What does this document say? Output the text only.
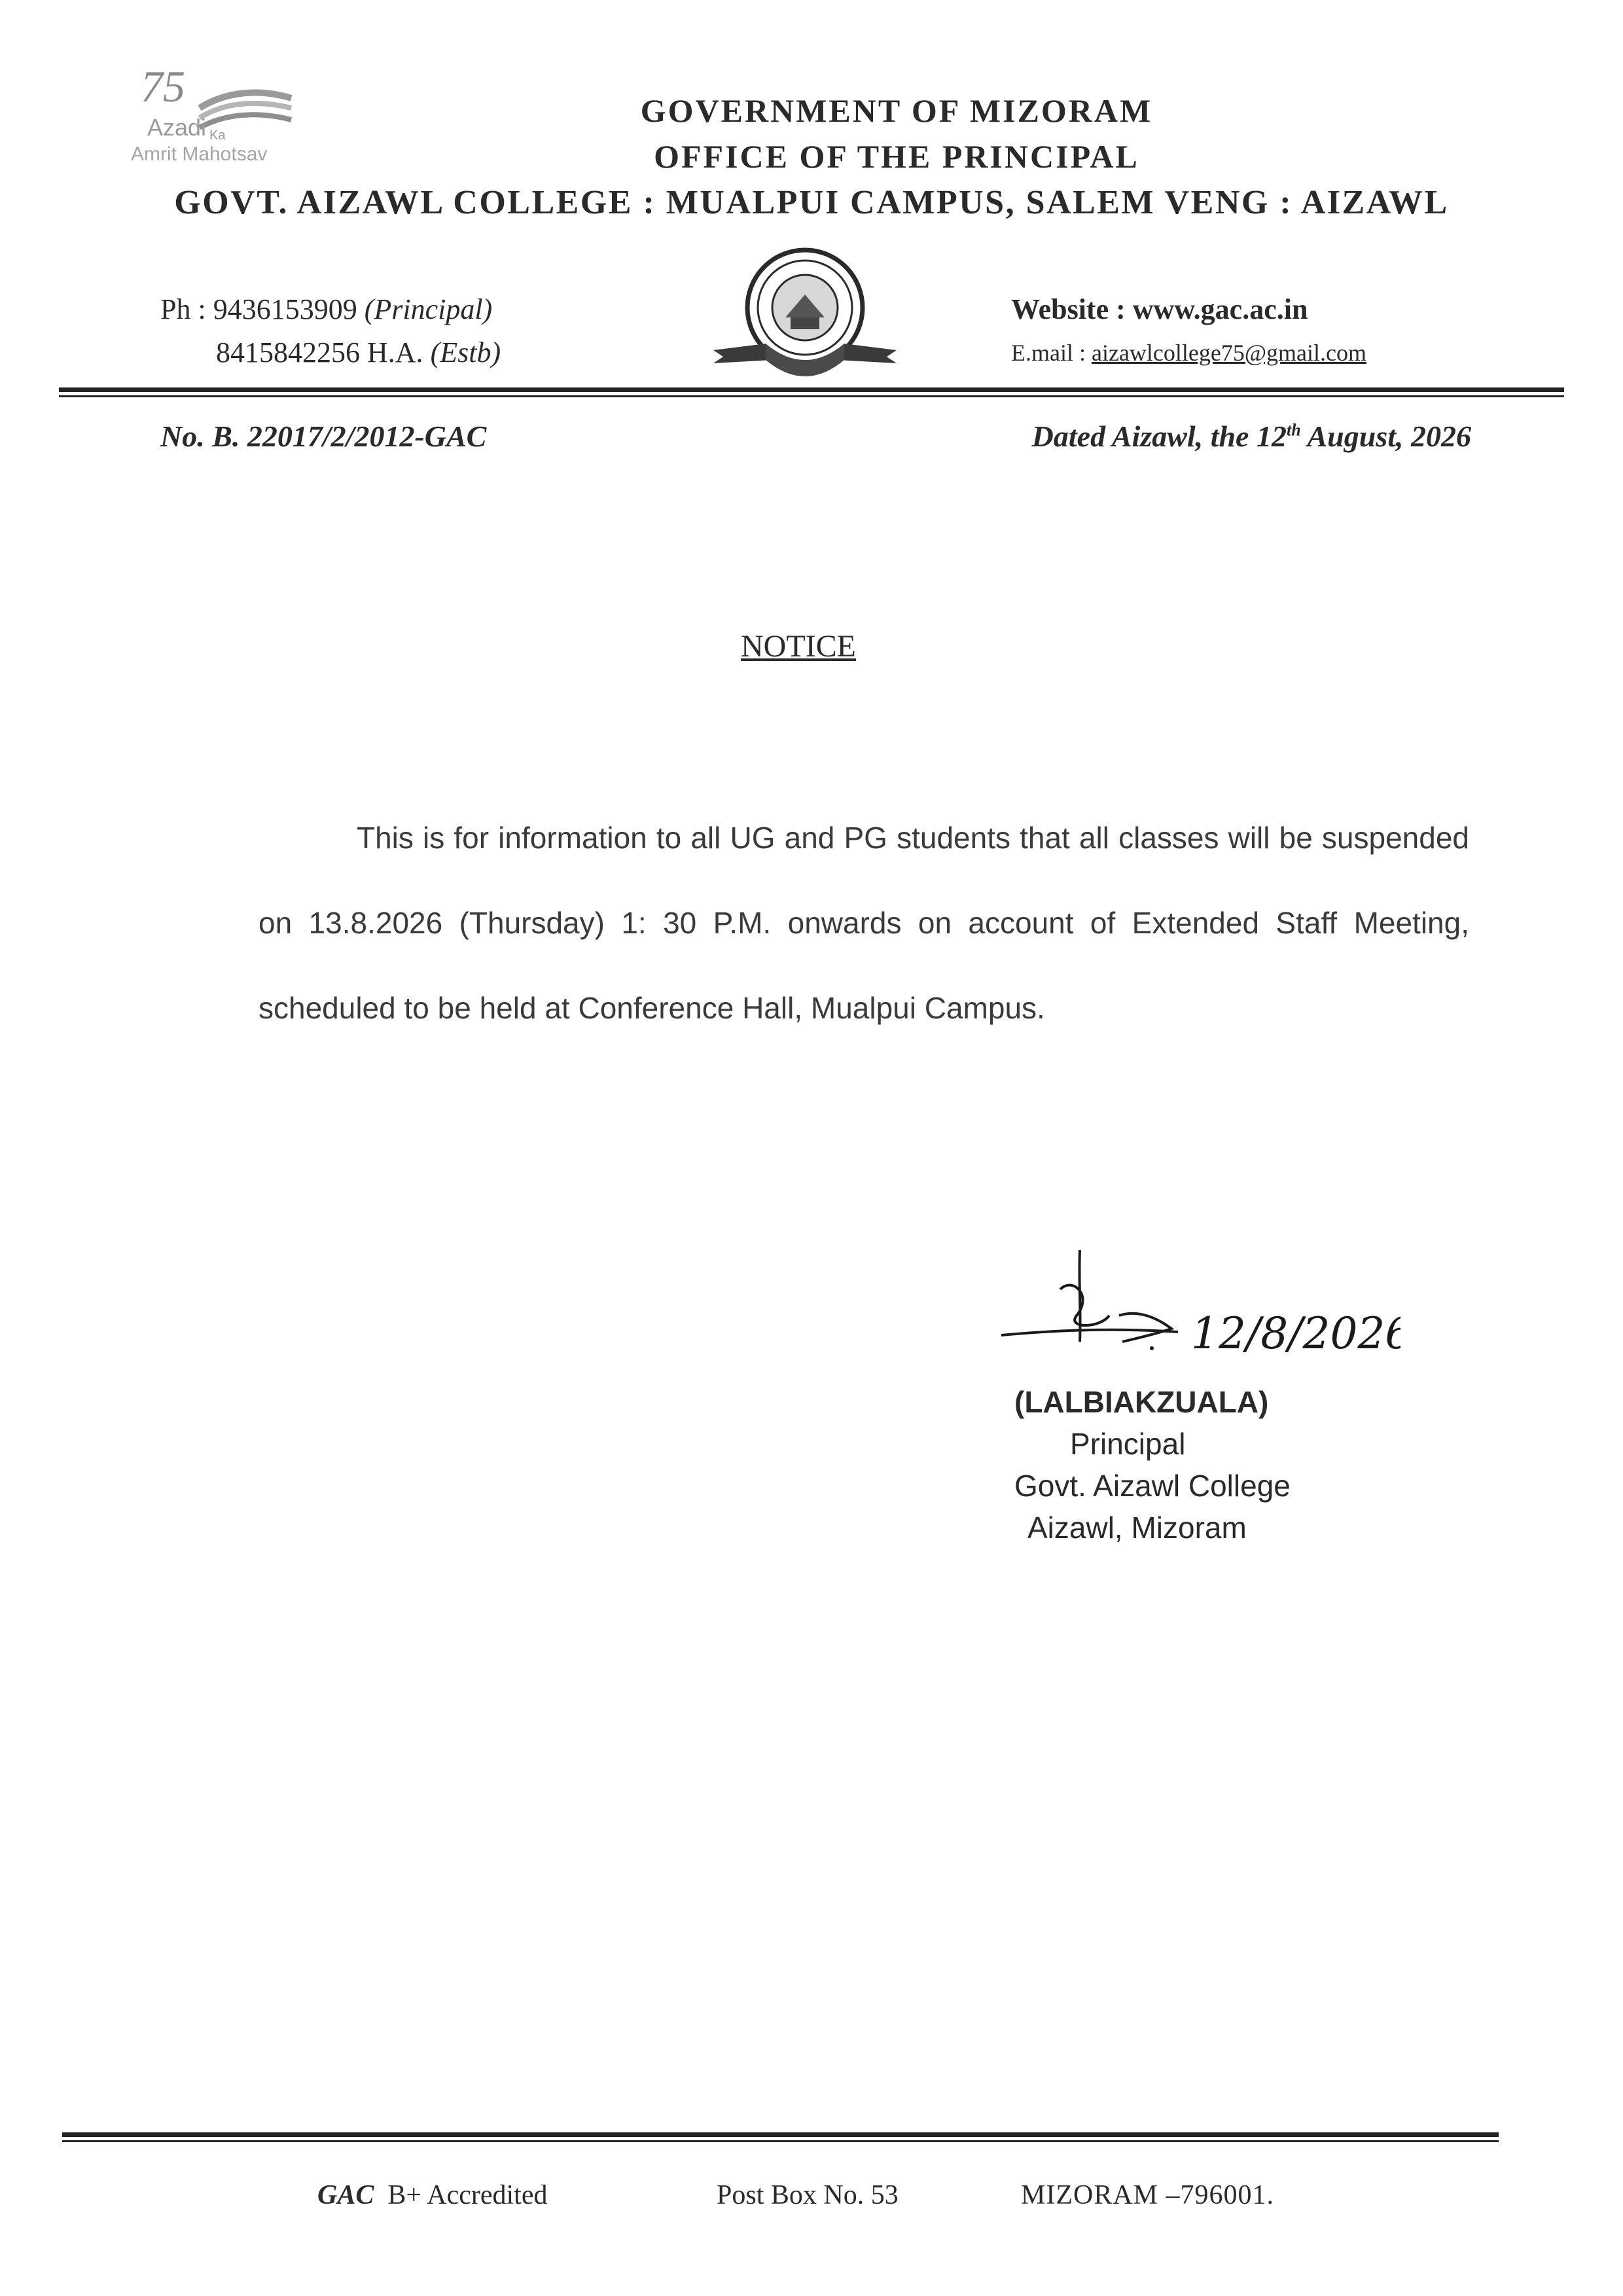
75
Azadi Ka
Amrit Mahotsav
GOVERNMENT OF MIZORAM
OFFICE OF THE PRINCIPAL
GOVT. AIZAWL COLLEGE : MUALPUI CAMPUS, SALEM VENG : AIZAWL
Ph : 9436153909 (Principal)
8415842256 H.A. (Estb)
Website : www.gac.ac.in
E.mail : aizawlcollege75@gmail.com
No. B. 22017/2/2012-GAC	Dated Aizawl, the 12th August, 2026
NOTICE
This is for information to all UG and PG students that all classes will be suspended on 13.8.2026 (Thursday) 1: 30 P.M. onwards on account of Extended Staff Meeting, scheduled to be held at Conference Hall, Mualpui Campus.
12/8/2026
(LALBIAKZUALA)
Principal
Govt. Aizawl College
Aizawl, Mizoram
GAC B+ Accredited	Post Box No. 53	MIZORAM –796001.
